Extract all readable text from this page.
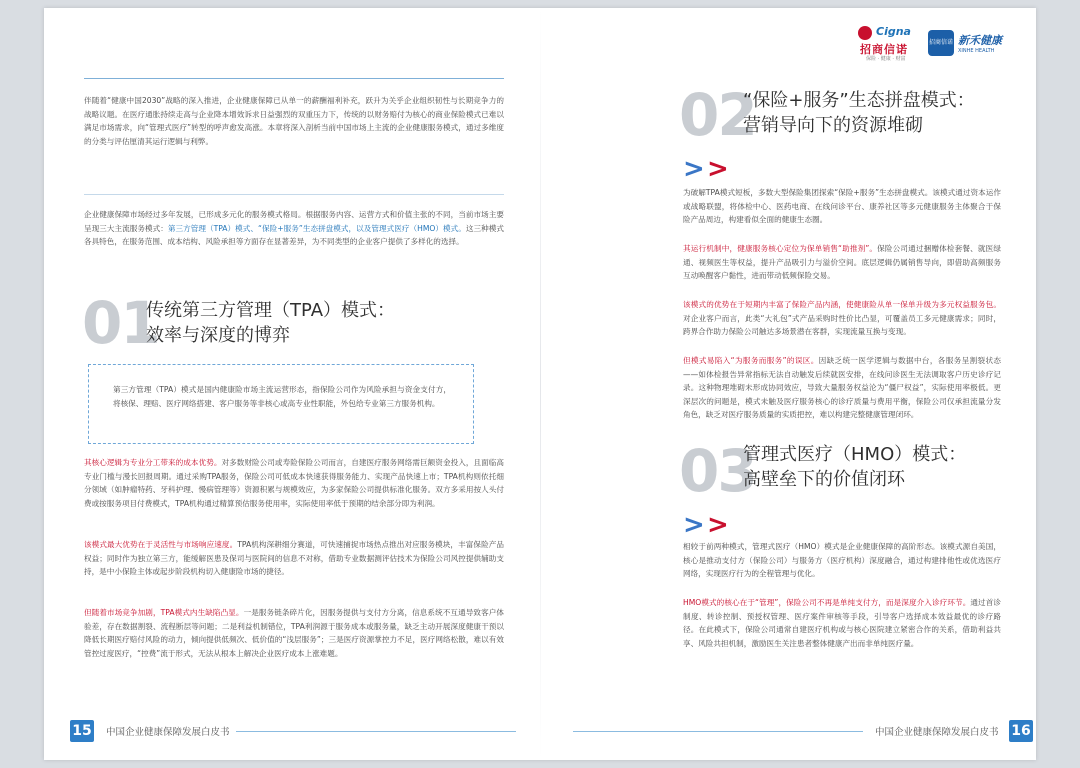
伴随着“健康中国2030”战略的深入推进，企业健康保障已从单一的薪酬福利补充，跃升为关乎企业组织韧性与长期竞争力的战略议题。在医疗通胀持续走高与企业降本增效诉求日益强烈的双重压力下，传统的以财务赔付为核心的商业保险模式已难以满足市场需求，向“管理式医疗”转型的呼声愈发高涨。本章将深入剖析当前中国市场上主流的企业健康服务模式，通过多维度的分类与评估厘清其运行逻辑与利弊。

企业健康保障市场经过多年发展，已形成多元化的服务模式格局。根据服务内容、运营方式和价值主张的不同，当前市场主要呈现三大主流服务模式：第三方管理（TPA）模式、“保险+服务”生态拼盘模式，以及管理式医疗（HMO）模式。这三种模式各具特色，在服务范围、成本结构、风险承担等方面存在显著差异，为不同类型的企业客户提供了多样化的选择。

01
传统第三方管理（TPA）模式：
效率与深度的博弈

第三方管理（TPA）模式是国内健康险市场主流运营形态，指保险公司作为风险承担与资金支付方，将核保、理赔、医疗网络搭建、客户服务等非核心或高专业性职能，外包给专业第三方服务机构。

其核心逻辑为专业分工带来的成本优势。对多数财险公司或寿险保险公司而言，自建医疗服务网络需巨额资金投入，且面临高专业门槛与漫长回报周期。通过采购TPA服务，保险公司可低成本快速获得服务能力、实现产品快速上市；TPA机构则依托细分领域（如肿瘤特药、牙科护理、慢病管理等）资源积累与规模效应，为多家保险公司提供标准化服务。双方多采用按人头付费或按服务项目付费模式，TPA机构通过精算预估服务使用率，实际使用率低于预期的结余部分即为利润。

该模式最大优势在于灵活性与市场响应速度。TPA机构深耕细分赛道，可快速捕捉市场热点推出对应服务模块，丰富保险产品权益；同时作为独立第三方，能缓解医患及保司与医院间的信息不对称，借助专业数据测评估技术为保险公司风控提供辅助支持，是中小保险主体或起步阶段机构切入健康险市场的捷径。

但随着市场竞争加剧，TPA模式内生缺陷凸显。一是服务链条碎片化，因服务提供与支付方分离，信息系统不互通导致客户体验差，存在数据割裂、流程断层等问题；二是利益机制错位，TPA利润源于服务成本或服务量，缺乏主动开展深度健康干预以降低长期医疗赔付风险的动力，倾向提供低频次、低价值的“浅层服务”；三是医疗资源掌控力不足，医疗网络松散，难以有效管控过度医疗，“控费”流于形式，无法从根本上解决企业医疗成本上涨难题。

15 中国企业健康保障发展白皮书
Cigna
招商信诺
保险 · 健康 · 财富
招商信诺 新禾健康
XINHE HEALTH
02
“保险+服务”生态拼盘模式：
营销导向下的资源堆砌
> >

为破解TPA模式短板，多数大型保险集团探索“保险+服务”生态拼盘模式。该模式通过资本运作或战略联盟，将体检中心、医药电商、在线问诊平台、康养社区等多元健康服务主体聚合于保险产品周边，构建看似全面的健康生态圈。

其运行机制中，健康服务核心定位为保单销售“助推剂”。保险公司通过捆赠体检套餐、就医绿通、视频医生等权益，提升产品吸引力与溢价空间。底层逻辑仍属销售导向，即借助高频服务互动唤醒客户黏性，进而带动低频保险交易。

该模式的优势在于短期内丰富了保险产品内涵，使健康险从单一保单升级为多元权益服务包。对企业客户而言，此类“大礼包”式产品采购时性价比凸显，可覆盖员工多元健康需求；同时，跨界合作助力保险公司触达多场景潜在客群，实现流量互换与变现。

但模式易陷入“为服务而服务”的误区。因缺乏统一医学逻辑与数据中台，各服务呈割裂状态——如体检报告异常指标无法自动触发后续就医安排，在线问诊医生无法调取客户历史诊疗记录。这种物理堆砌未形成协同效应，导致大量服务权益沦为“僵尸权益”，实际使用率极低。更深层次的问题是，模式未触及医疗服务核心的诊疗质量与费用平衡，保险公司仅承担流量分发角色，缺乏对医疗服务质量的实质把控，难以构建完整健康管理闭环。

03
管理式医疗（HMO）模式：
高壁垒下的价值闭环
> >

相较于前两种模式，管理式医疗（HMO）模式是企业健康保障的高阶形态。该模式源自美国，核心是推动支付方（保险公司）与服务方（医疗机构）深度融合，通过构建排他性或优选医疗网络，实现医疗行为的全程管理与优化。

HMO模式的核心在于“管理”，保险公司不再是单纯支付方，而是深度介入诊疗环节。通过首诊制度、转诊控制、预授权管理、医疗案件审核等手段，引导客户选择成本效益最优的诊疗路径。在此模式下，保险公司通常自建医疗机构或与核心医院建立紧密合作的关系，借助利益共享、风险共担机制，激励医生关注患者整体健康产出而非单纯医疗量。

中国企业健康保障发展白皮书 16
